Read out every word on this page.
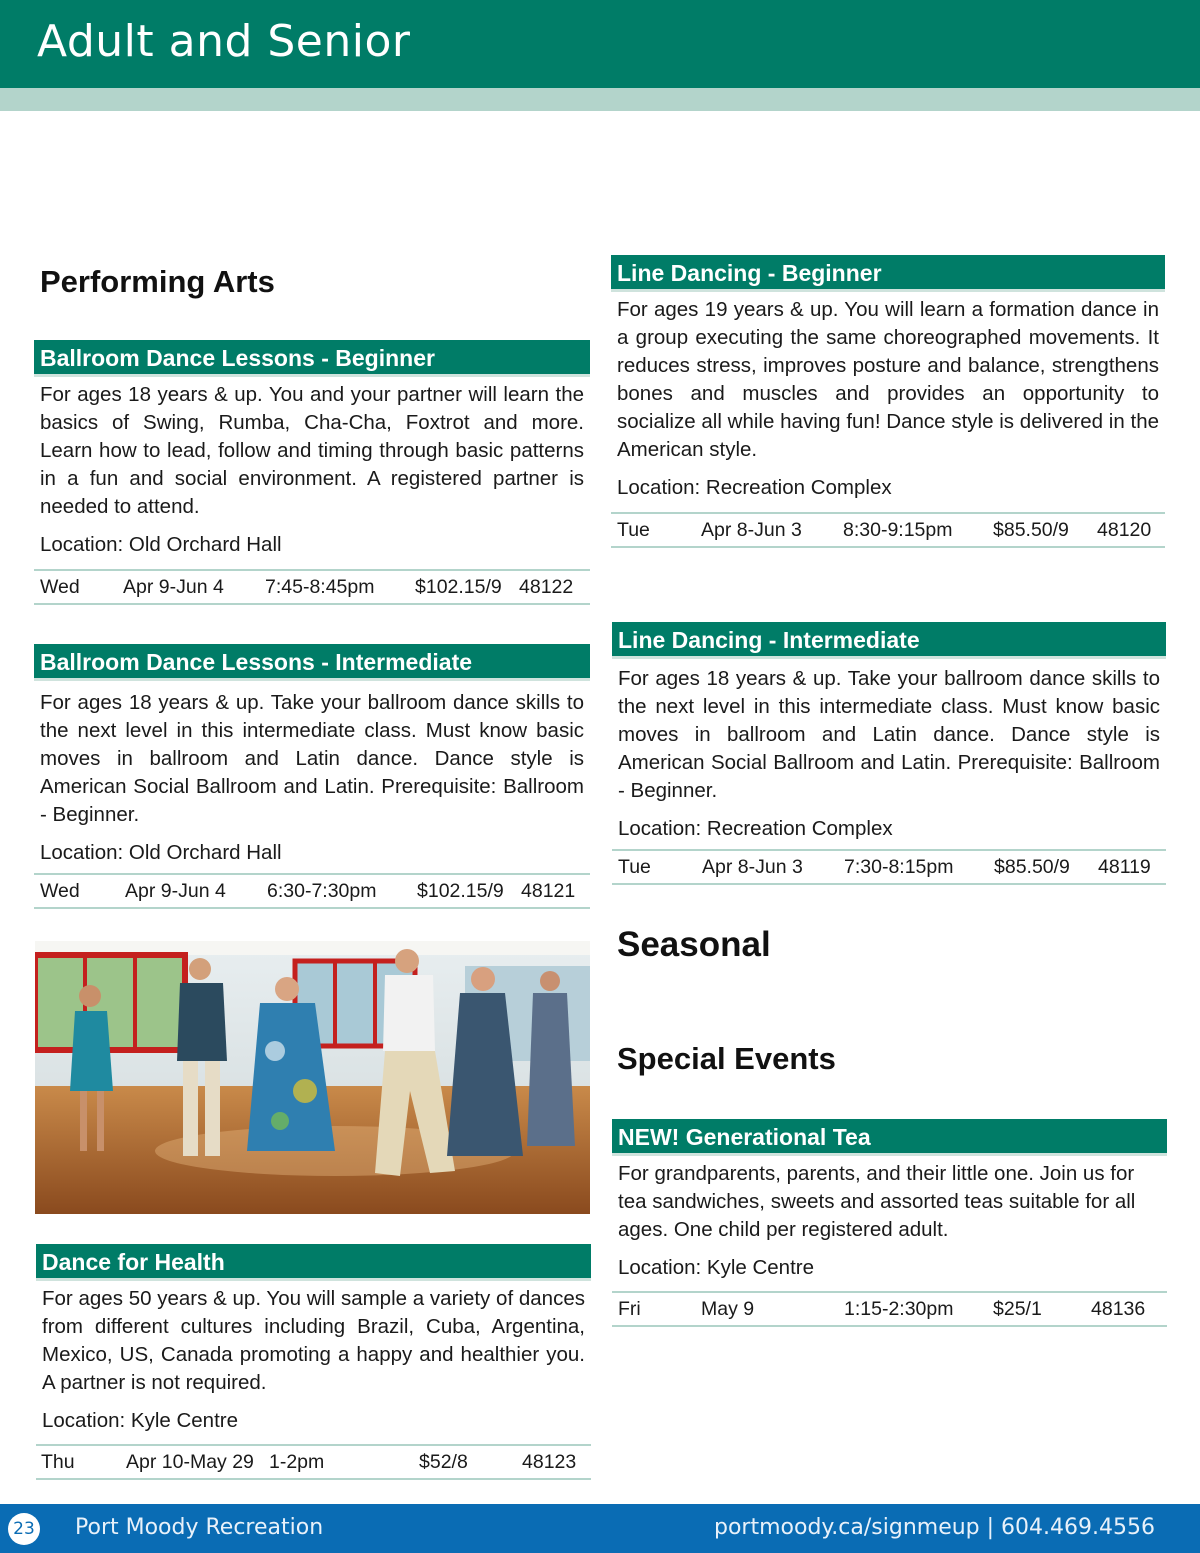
Adult and Senior
Performing Arts
Seasonal
Special Events
Ballroom Dance Lessons - Beginner
For ages 18 years & up. You and your partner will learn the basics of Swing, Rumba, Cha-Cha, Foxtrot and more. Learn how to lead, follow and timing through basic patterns in a fun and social environment. A registered partner is needed to attend.
Location: Old Orchard Hall
Wed Apr 9-Jun 4 7:45-8:45pm $102.15/9 48122
Ballroom Dance Lessons - Intermediate
For ages 18 years & up. Take your ballroom dance skills to the next level in this intermediate class. Must know basic moves in ballroom and Latin dance. Dance style is American Social Ballroom and Latin. Prerequisite: Ballroom - Beginner.
Location: Old Orchard Hall
Wed Apr 9-Jun 4 6:30-7:30pm $102.15/9 48121
Dance for Health
For ages 50 years & up. You will sample a variety of dances from different cultures including Brazil, Cuba, Argentina, Mexico, US, Canada promoting a happy and healthier you. A partner is not required.
Location: Kyle Centre
Thu	Apr 10-May 29 1-2pm	$52/8	48123
Line Dancing - Beginner
For ages 19 years & up. You will learn a formation dance in a group executing the same choreographed movements. It reduces stress, improves posture and balance, strengthens bones and muscles and provides an opportunity to socialize all while having fun! Dance style is delivered in the American style.
Location: Recreation Complex
Tue	Apr 8-Jun 3 8:30-9:15pm $85.50/9 48120
Line Dancing - Intermediate
For ages 18 years & up. Take your ballroom dance skills to the next level in this intermediate class. Must know basic moves in ballroom and Latin dance. Dance style is American Social Ballroom and Latin. Prerequisite: Ballroom - Beginner.
Location: Recreation Complex
Tue	Apr 8-Jun 3 7:30-8:15pm $85.50/9 48119
NEW! Generational Tea
For grandparents, parents, and their little one. Join us for tea sandwiches, sweets and assorted teas suitable for all ages. One child per registered adult.
Location: Kyle Centre
Fri	May 9	1:15-2:30pm $25/1	48136
23 Port Moody Recreation	portmoody.ca/signmeup | 604.469.4556
